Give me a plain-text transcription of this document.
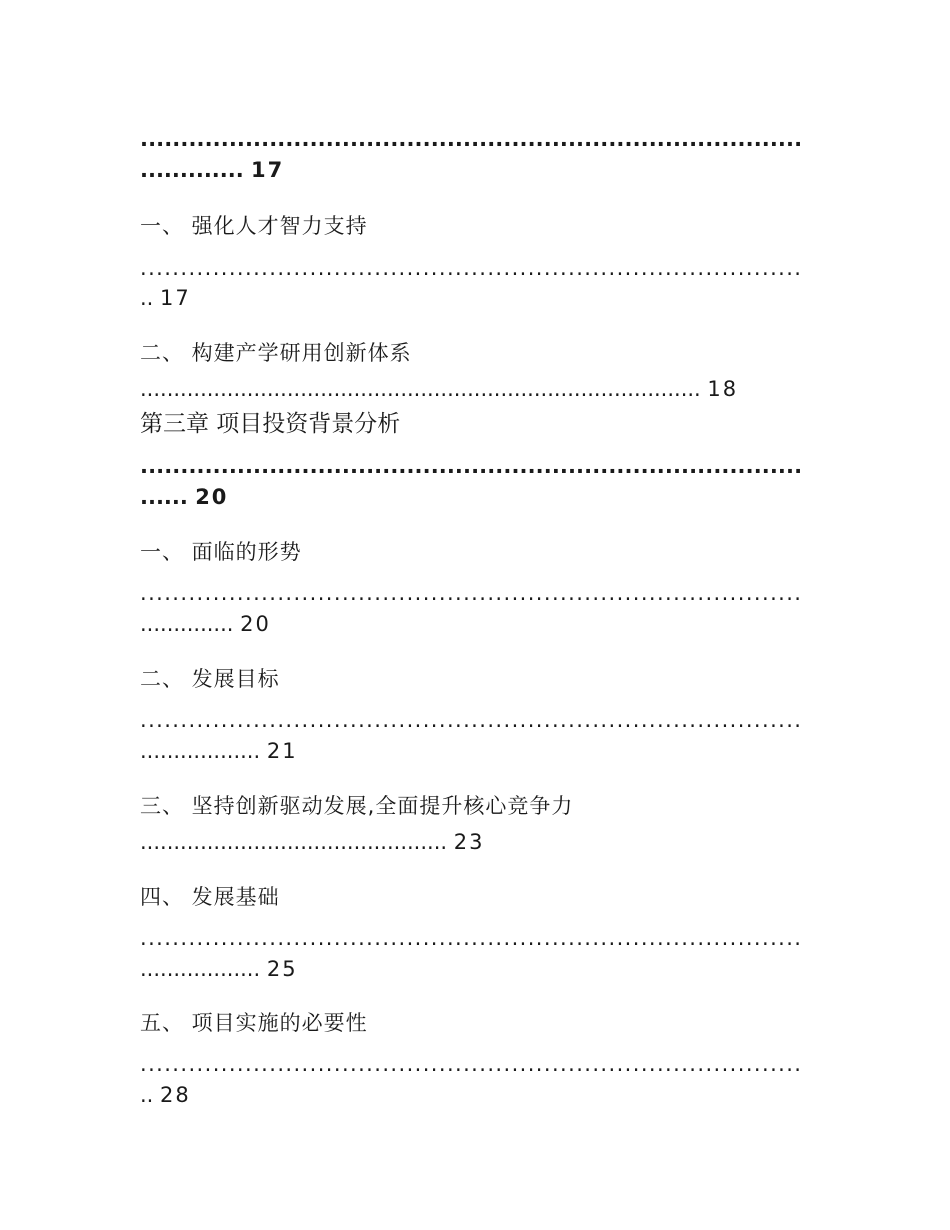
..................................................................................
............. 17
一、 强化人才智力支持
..................................................................................
.. 17
二、 构建产学研用创新体系
.................................................................................... 18
第三章 项目投资背景分析
..................................................................................
...... 20
一、 面临的形势
..................................................................................
.............. 20
二、 发展目标
..................................................................................
.................. 21
三、 坚持创新驱动发展,全面提升核心竞争力
.............................................. 23
四、 发展基础
..................................................................................
.................. 25
五、 项目实施的必要性
..................................................................................
.. 28
